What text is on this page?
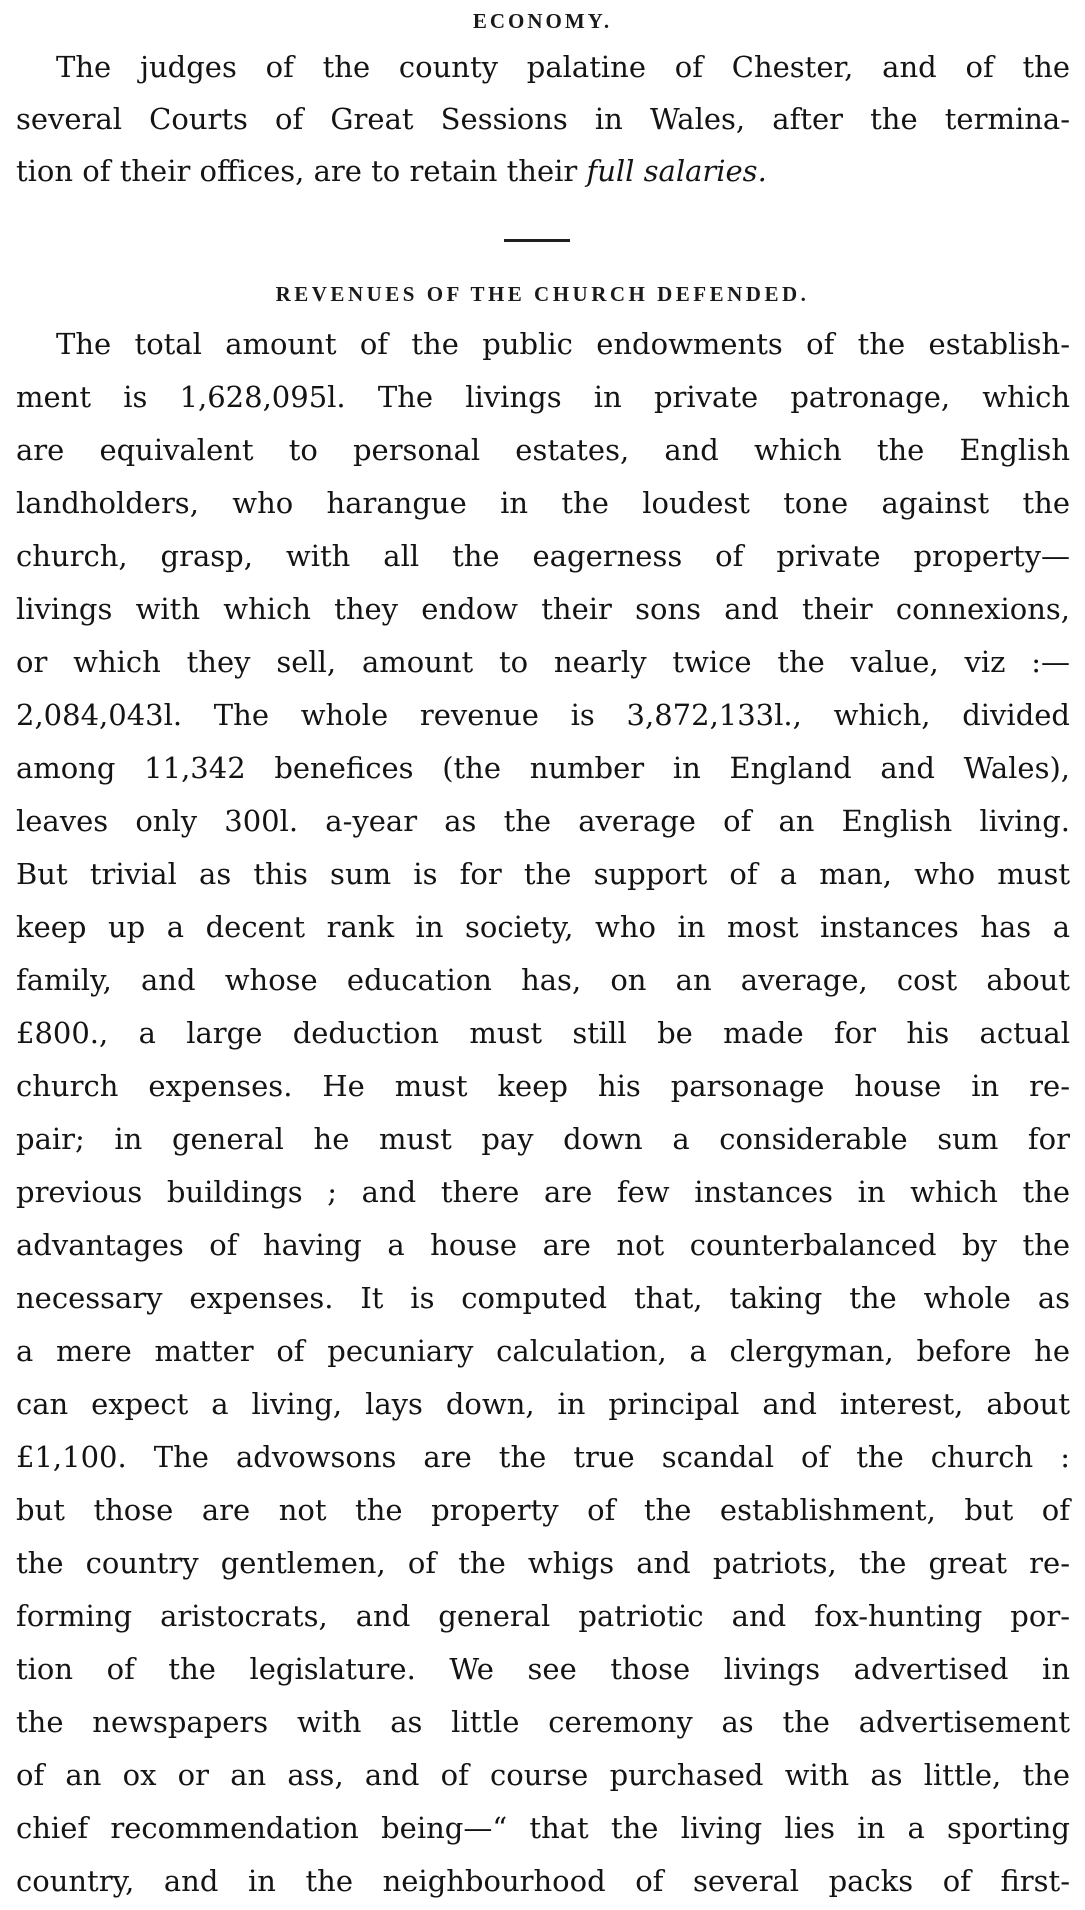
ECONOMY.
The judges of the county palatine of Chester, and of the
several Courts of Great Sessions in Wales, after the termina-
tion of their offices, are to retain their full salaries.
REVENUES OF THE CHURCH DEFENDED.
The total amount of the public endowments of the establish-
ment is 1,628,095l. The livings in private patronage, which
are equivalent to personal estates, and which the English
landholders, who harangue in the loudest tone against the
church, grasp, with all the eagerness of private property—
livings with which they endow their sons and their connexions,
or which they sell, amount to nearly twice the value, viz :—
2,084,043l. The whole revenue is 3,872,133l., which, divided
among 11,342 benefices (the number in England and Wales),
leaves only 300l. a-year as the average of an English living.
But trivial as this sum is for the support of a man, who must
keep up a decent rank in society, who in most instances has a
family, and whose education has, on an average, cost about
£800., a large deduction must still be made for his actual
church expenses. He must keep his parsonage house in re-
pair; in general he must pay down a considerable sum for
previous buildings ; and there are few instances in which the
advantages of having a house are not counterbalanced by the
necessary expenses. It is computed that, taking the whole as
a mere matter of pecuniary calculation, a clergyman, before he
can expect a living, lays down, in principal and interest, about
£1,100. The advowsons are the true scandal of the church :
but those are not the property of the establishment, but of
the country gentlemen, of the whigs and patriots, the great re-
forming aristocrats, and general patriotic and fox-hunting por-
tion of the legislature. We see those livings advertised in
the newspapers with as little ceremony as the advertisement
of an ox or an ass, and of course purchased with as little, the
chief recommendation being—“ that the living lies in a sporting
country, and in the neighbourhood of several packs of first-
